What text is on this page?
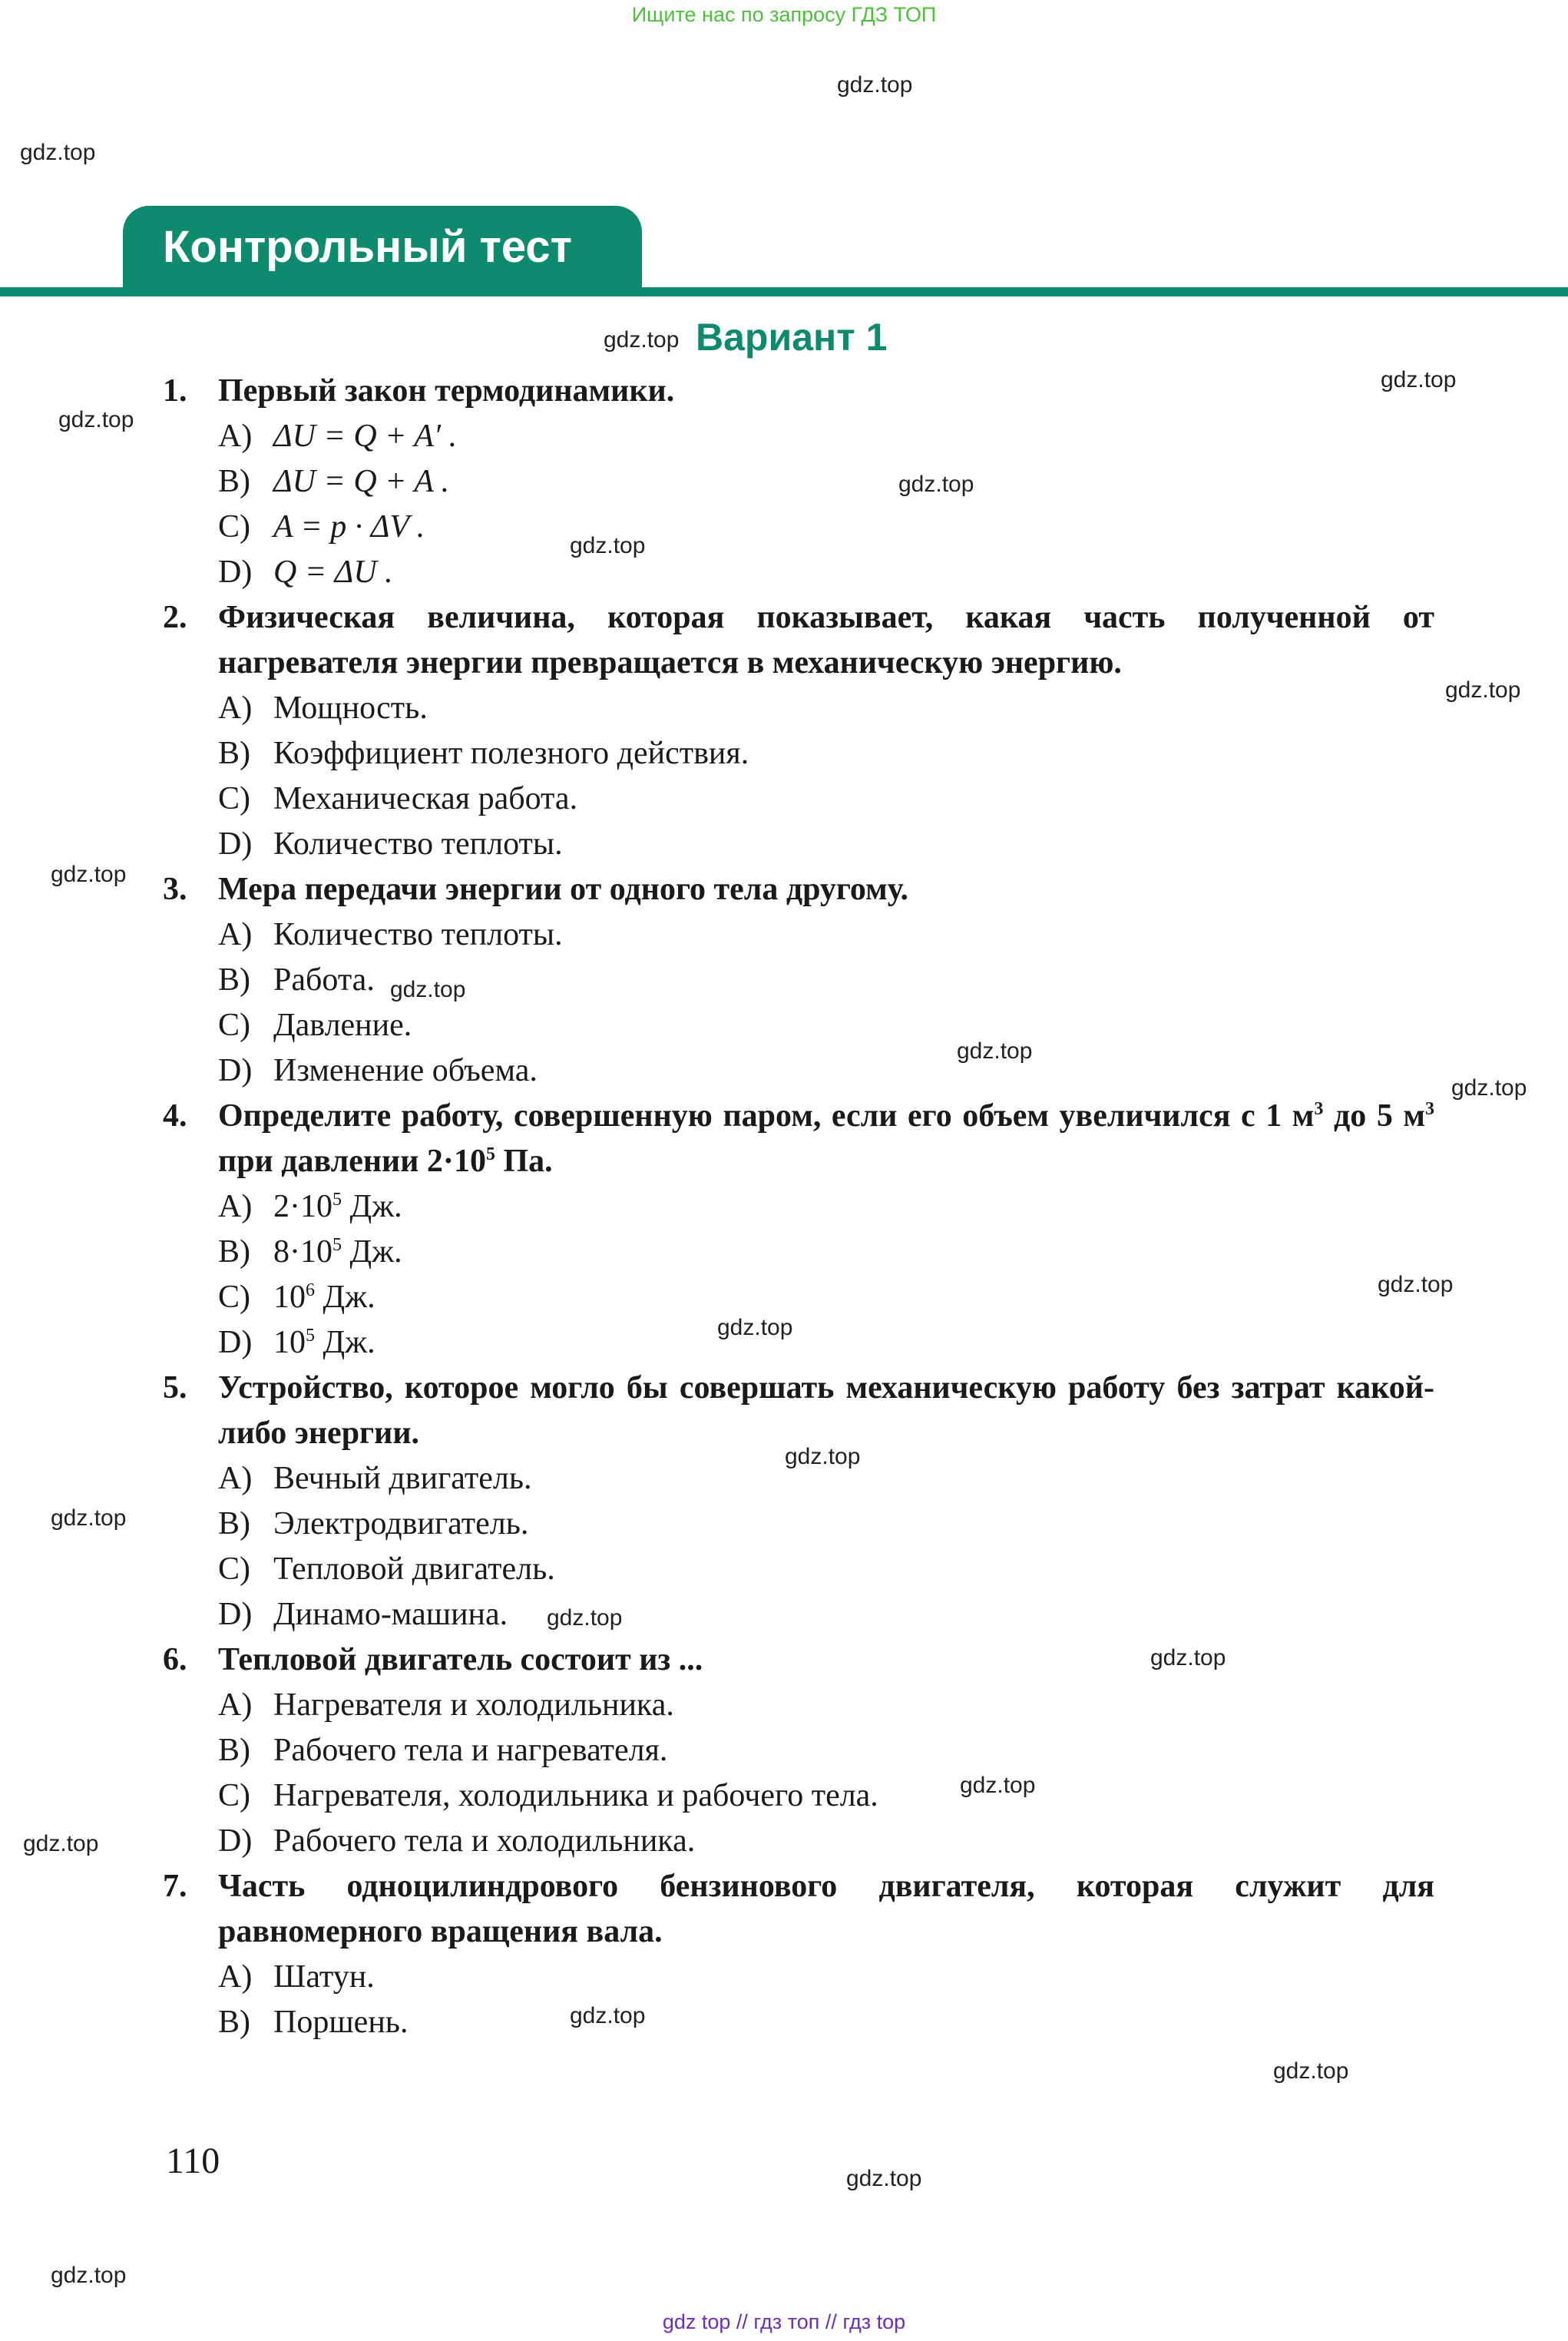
Ищите нас по запросу ГДЗ ТОП
gdz.top
gdz.top
gdz.top
gdz.top
gdz.top
gdz.top
gdz.top
gdz.top
gdz.top
gdz.top
gdz.top
gdz.top
gdz.top
gdz.top
gdz.top
gdz.top
gdz.top
gdz.top
gdz.top
gdz.top
gdz.top
gdz.top
gdz.top
gdz.top
Контрольный тест
Вариант 1
1. Первый закон термодинамики.
A) ΔU = Q + A′ .
B) ΔU = Q + A .
C) A = p · ΔV .
D) Q = ΔU .
2. Физическая величина, которая показывает, какая часть полученной от нагревателя энергии превращается в механическую энергию.
A) Мощность.
B) Коэффициент полезного действия.
C) Механическая работа.
D) Количество теплоты.
3. Мера передачи энергии от одного тела другому.
A) Количество теплоты.
B) Работа.
C) Давление.
D) Изменение объема.
4. Определите работу, совершенную паром, если его объем увеличился с 1 $м^3$ до 5 $м^3$ при давлении $2\cdot 10^5$ Па.
A) $2\cdot 10^5$ Дж.
B) $8\cdot 10^5$ Дж.
C) $10^6$ Дж.
D) $10^5$ Дж.
5. Устройство, которое могло бы совершать механическую работу без затрат какой-либо энергии.
A) Вечный двигатель.
B) Электродвигатель.
C) Тепловой двигатель.
D) Динамо-машина.
6. Тепловой двигатель состоит из ...
A) Нагревателя и холодильника.
B) Рабочего тела и нагревателя.
C) Нагревателя, холодильника и рабочего тела.
D) Рабочего тела и холодильника.
7. Часть одноцилиндрового бензинового двигателя, которая служит для равномерного вращения вала.
A) Шатун.
B) Поршень.
110
gdz top // гдз топ // гдз top
